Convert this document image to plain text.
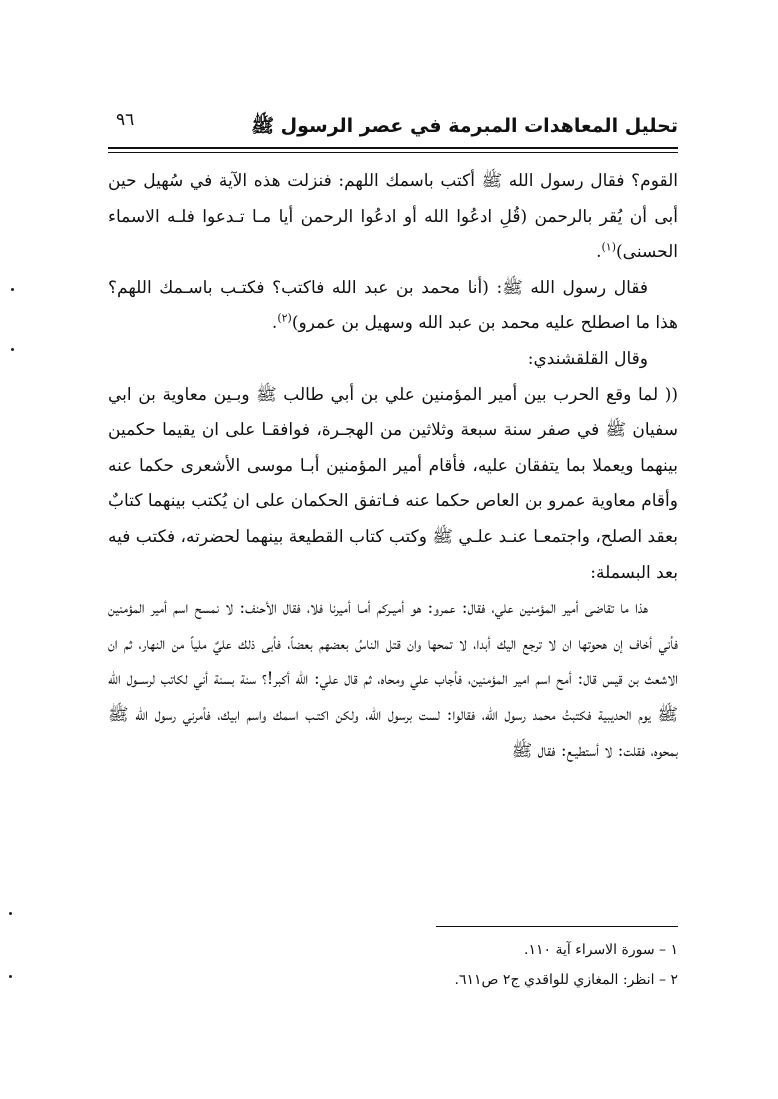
تحليل المعاهدات المبرمة في عصر الرسول ﷺ
٩٦

القوم؟ فقال رسول الله ﷺ أكتب باسمك اللهم: فنزلت هذه الآية في سُهيل حين أبى أن يُقر بالرحمن (قُلِ ادعُوا الله أو ادعُوا الرحمن أيا مـا تـدعوا فلـه الاسماء الحسنى)$^{(١)}$.

فقال رسول الله ﷺ: (أنا محمد بن عبد الله فاكتب؟ فكتـب باسـمك اللهم؟ هذا ما اصطلح عليه محمد بن عبد الله وسهيل بن عمرو)$^{(٢)}$.

وقال القلقشندي:

(( لما وقع الحرب بين أمير المؤمنين علي بن أبي طالب ﷺ وبـين معاوية بن ابي سفيان ﷺ في صفر سنة سبعة وثلاثين من الهجـرة، فوافقـا على ان يقيما حكمين بينهما ويعملا بما يتفقان عليه، فأقام أمير المؤمنين أبـا موسى الأشعرى حكما عنه وأقام معاوية عمرو بن العاص حكما عنه فـاتفق الحكمان على ان يُكتب بينهما كتابٌ بعقد الصلح، واجتمعـا عنـد علـي ﷺ وكتب كتاب القطيعة بينهما لحضرته، فكتب فيه بعد البسملة:

هذا ما تقاضى أمير المؤمنين علي، فقال: عمرو: هو أميـركم أمـا أميرنا فلا، فقال الأحنف: لا نمسح اسم أمير المؤمنين فأني أخاف إن هحوتها ان لا ترجع اليك أبدا، لا تمحها وان قتل الناسُ بعضهم بعضاً، فأبى ذلك عليٌ ملياً من النهار، ثم ان الاشعث بن قيس قال: أمح اسم امير المؤمنين، فأجاب علي ومحاه، ثم قال علي: الله أكبر!؟ سنة بسنة أني لكاتب لرســول الله ﷺ يوم الحديبية فكتبتُ محمد رسول الله، فقالوا: لست برسول الله، ولكن اكتـب اسمك واسم ابيك، فأمرني رسول الله ﷺ بمحوه، فقلت: لا أستطيـع: فقال ﷺ

١ – سورة الاسراء آية ١١٠.

٢ – انظر: المغازي للواقدي ج٢ ص٦١١.
